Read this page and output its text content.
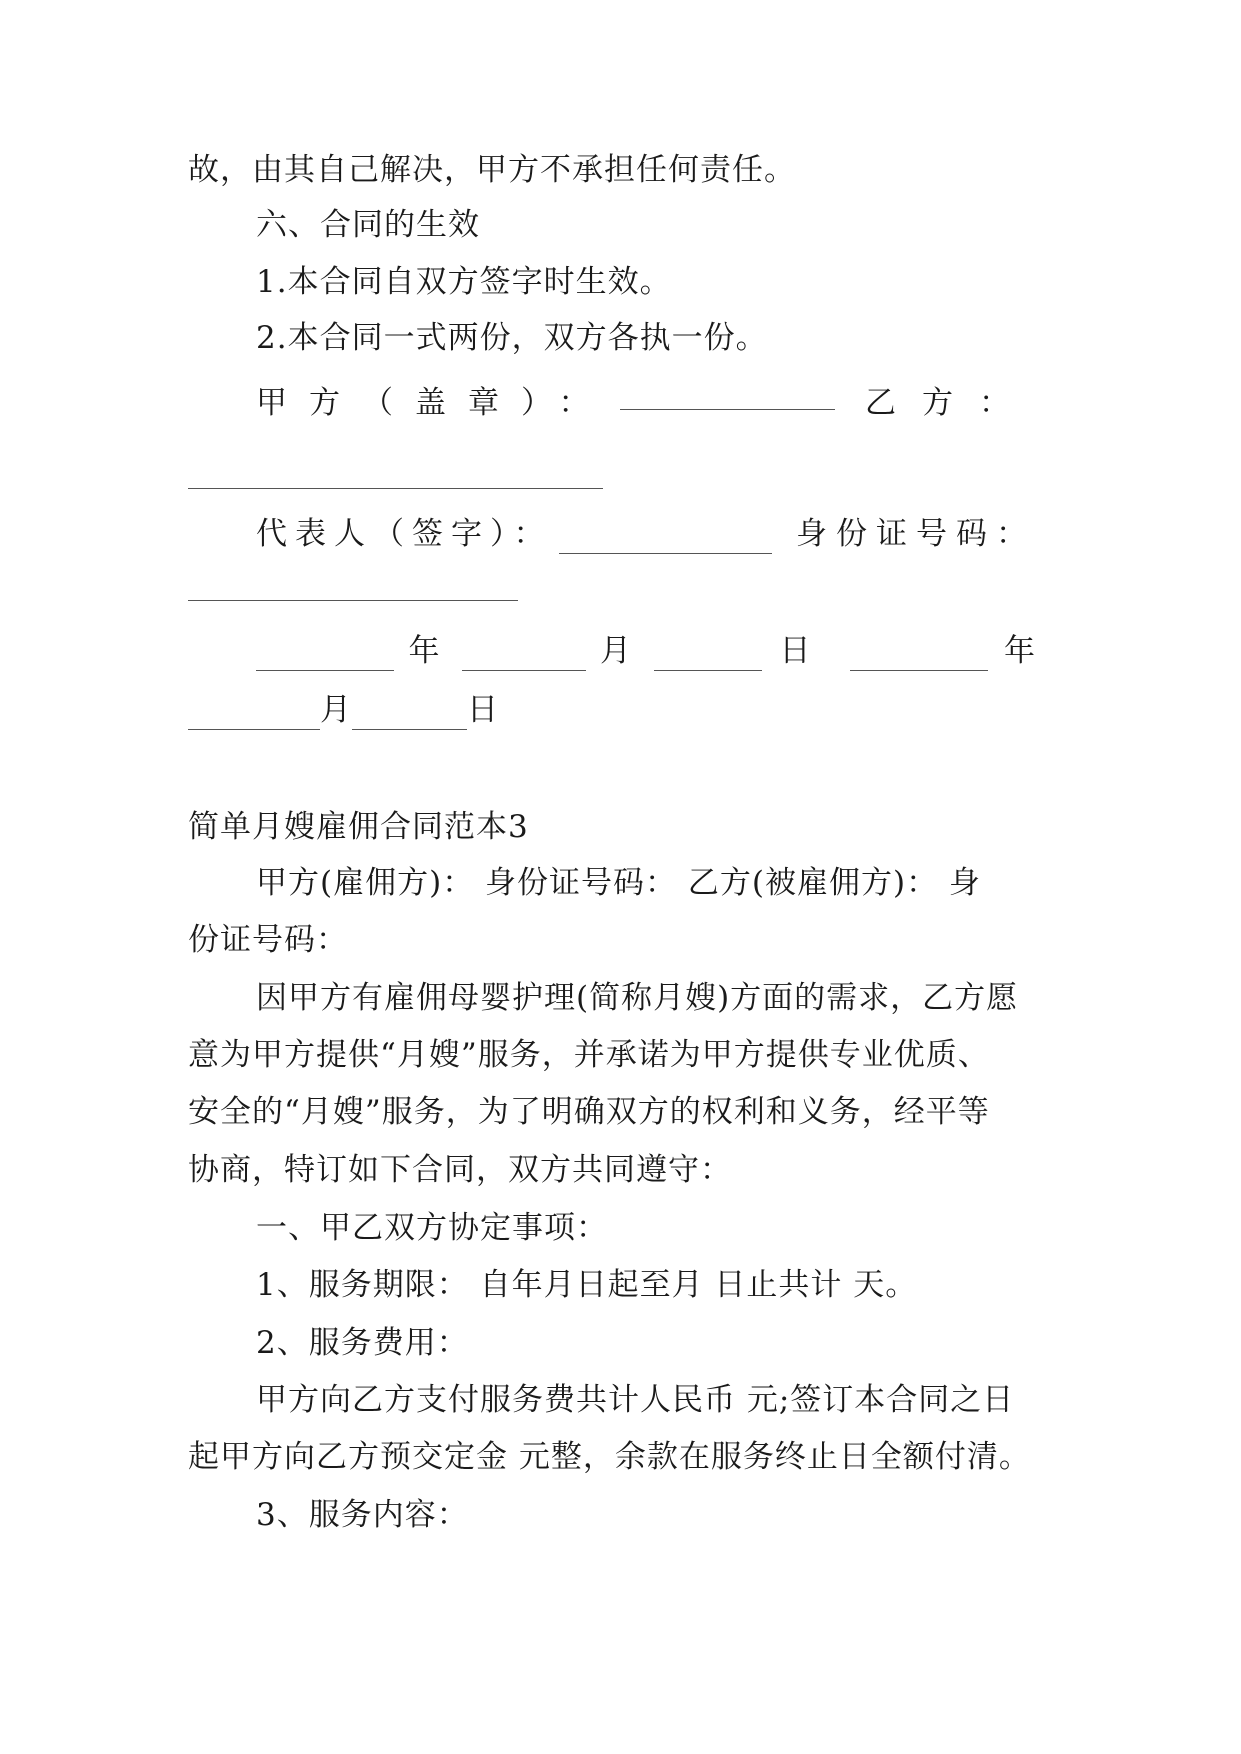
故，由其自己解决，甲方不承担任何责任。
六、合同的生效
1.本合同自双方签字时生效。
2.本合同一式两份，双方各执一份。
甲方（盖章）：	乙方：
代表人（签字）：	身份证号码：
年	月	日	年
月	日
简单月嫂雇佣合同范本3
甲方(雇佣方)： 身份证号码： 乙方(被雇佣方)： 身
份证号码：
因甲方有雇佣母婴护理(简称月嫂)方面的需求，乙方愿
意为甲方提供“月嫂”服务，并承诺为甲方提供专业优质、
安全的“月嫂”服务，为了明确双方的权利和义务，经平等
协商，特订如下合同，双方共同遵守：
一、甲乙双方协定事项：
1、服务期限： 自年月日起至月 日止共计 天。
2、服务费用：
甲方向乙方支付服务费共计人民币 元;签订本合同之日
起甲方向乙方预交定金 元整，余款在服务终止日全额付清。
3、服务内容：
